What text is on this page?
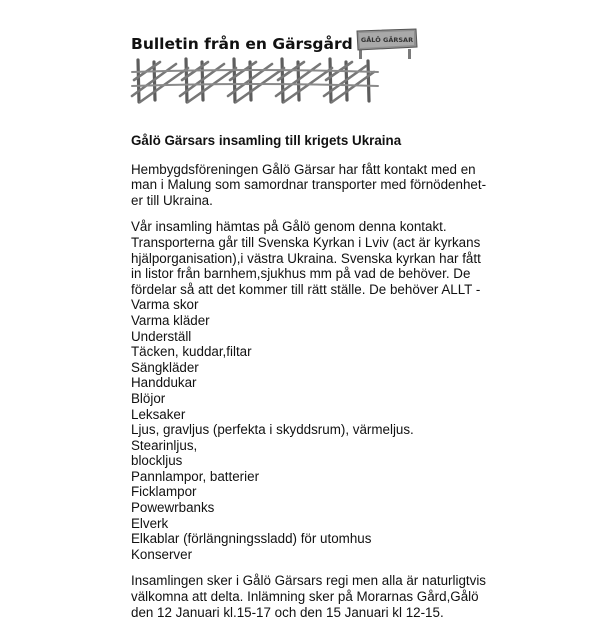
Bulletin från en Gärsgård GÅLÖ GÄRSAR
Gålö Gärsars insamling till krigets Ukraina

Hembygdsföreningen Gålö Gärsar har fått kontakt med en
man i Malung som samordnar transporter med förnödenhet-
er till Ukraina.

Vår insamling hämtas på Gålö genom denna kontakt.
Transporterna går till Svenska Kyrkan i Lviv (act är kyrkans
hjälporganisation),i västra Ukraina. Svenska kyrkan har fått
in listor från barnhem,sjukhus mm på vad de behöver. De
fördelar så att det kommer till rätt ställe. De behöver ALLT -

Varma skor
Varma kläder
Underställ
Täcken, kuddar,filtar
Sängkläder
Handdukar
Blöjor
Leksaker
Ljus, gravljus (perfekta i skyddsrum), värmeljus. Stearinljus,
blockljus
Pannlampor, batterier
Ficklampor
Powewrbanks
Elverk
Elkablar (förlängningssladd) för utomhus
Konserver

Insamlingen sker i Gålö Gärsars regi men alla är naturligtvis
välkomna att delta. Inlämning sker på Morarnas Gård,Gålö
den 12 Januari kl.15-17 och den 15 Januari kl 12-15.
